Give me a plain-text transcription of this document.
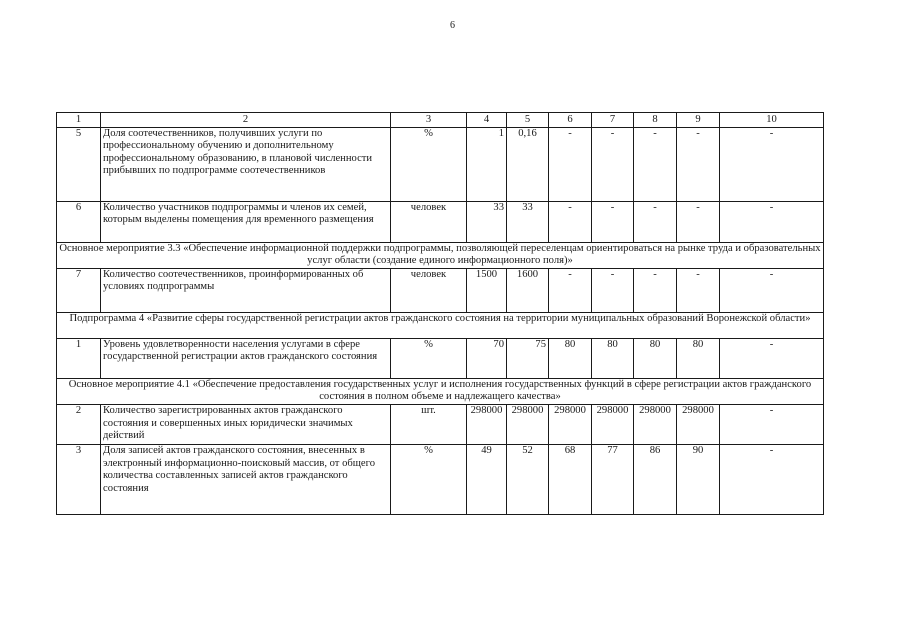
6
1	2	3	4	5	6	7	8	9	10
5	Доля соотечественников, получивших услуги по профессиональному обучению и дополнительному профессиональному образованию, в плановой численности прибывших по подпрограмме соотечественников	%	1	0,16	-	-	-	-	-
6	Количество участников подпрограммы и членов их семей, которым выделены помещения для временного размещения	человек	33	33	-	-	-	-	-
Основное мероприятие 3.3 «Обеспечение информационной поддержки подпрограммы, позволяющей переселенцам ориентироваться на рынке труда и образовательных услуг области (создание единого информационного поля)»									
7	Количество соотечественников, проинформированных об условиях подпрограммы	человек	1500	1600	-	-	-	-	-
Подпрограмма 4 «Развитие сферы государственной регистрации актов гражданского состояния на территории муниципальных образований Воронежской области»									
1	Уровень удовлетворенности населения услугами в сфере государственной регистрации актов гражданского состояния	%	70	75	80	80	80	80	-
Основное мероприятие 4.1 «Обеспечение предоставления государственных услуг и исполнения государственных функций в сфере регистрации актов гражданского состояния в полном объеме и надлежащего качества»									
2	Количество зарегистрированных актов гражданского состояния и совершенных иных юридически значимых действий	шт.	298000	298000	298000	298000	298000	298000	-
3	Доля записей актов гражданского состояния, внесенных в электронный информационно-поисковый массив, от общего количества составленных записей актов гражданского состояния	%	49	52	68	77	86	90	-
